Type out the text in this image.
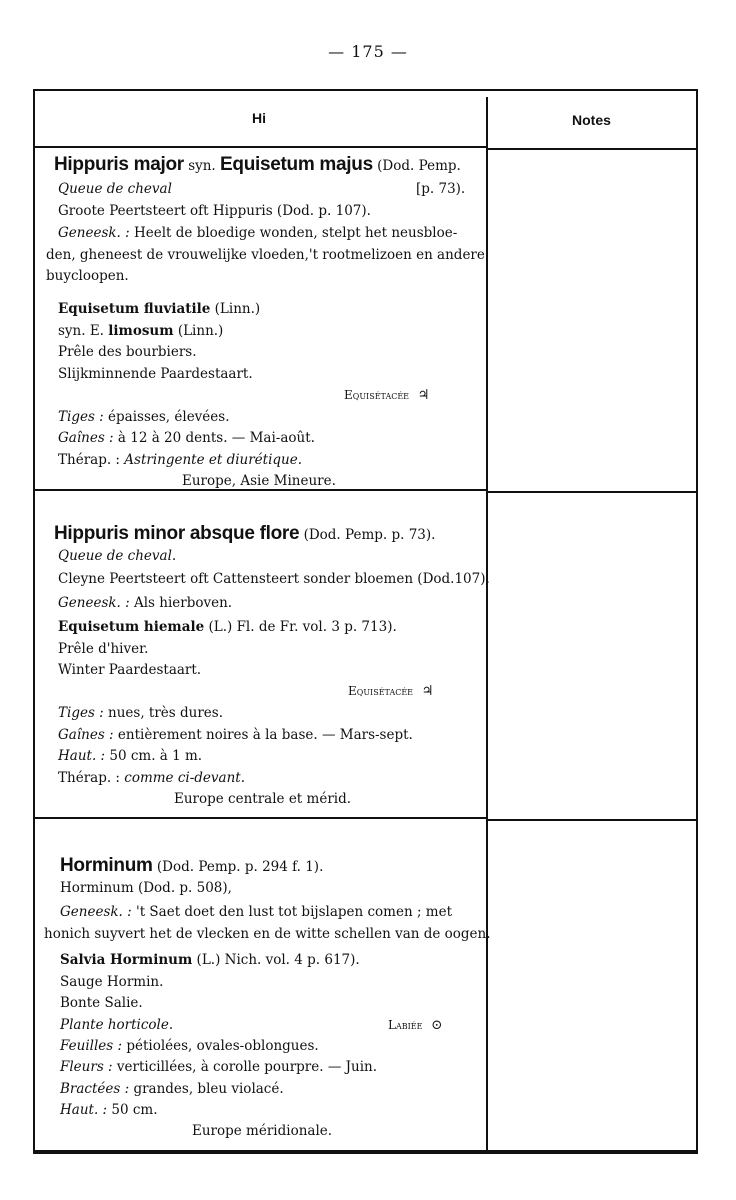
— 175 —
Hi	Notes
Hippuris major syn. Equisetum majus (Dod. Pemp.
Queue de cheval	[p. 73).
Groote Peertsteert oft Hippuris (Dod. p. 107).
Geneesk. : Heelt de bloedige wonden, stelpt het neusbloe-
den, gheneest de vrouwelijke vloeden,'t rootmelizoen en andere
buycloopen.
Equisetum fluviatile (Linn.)
syn. E. limosum (Linn.)
Prêle des bourbiers.
Slijkminnende Paardestaart.
Equisétacée ♃
Tiges : épaisses, élevées.
Gaînes : à 12 à 20 dents. — Mai-août.
Thérap. : Astringente et diurétique.
Europe, Asie Mineure.
Hippuris minor absque flore (Dod. Pemp. p. 73).
Queue de cheval.
Cleyne Peertsteert oft Cattensteert sonder bloemen (Dod.107).
Geneesk. : Als hierboven.
Equisetum hiemale (L.) Fl. de Fr. vol. 3 p. 713).
Prêle d'hiver.
Winter Paardestaart.
Equisétacée ♃
Tiges : nues, très dures.
Gaînes : entièrement noires à la base. — Mars-sept.
Haut. : 50 cm. à 1 m.
Thérap. : comme ci-devant.
Europe centrale et mérid.
Horminum (Dod. Pemp. p. 294 f. 1).
Horminum (Dod. p. 508),
Geneesk. : 't Saet doet den lust tot bijslapen comen ; met
honich suyvert het de vlecken en de witte schellen van de oogen.
Salvia Horminum (L.) Nich. vol. 4 p. 617).
Sauge Hormin.
Bonte Salie.
Plante horticole.	Labiée ⊙
Feuilles : pétiolées, ovales-oblongues.
Fleurs : verticillées, à corolle pourpre. — Juin.
Bractées : grandes, bleu violacé.
Haut. : 50 cm.
Europe méridionale.
